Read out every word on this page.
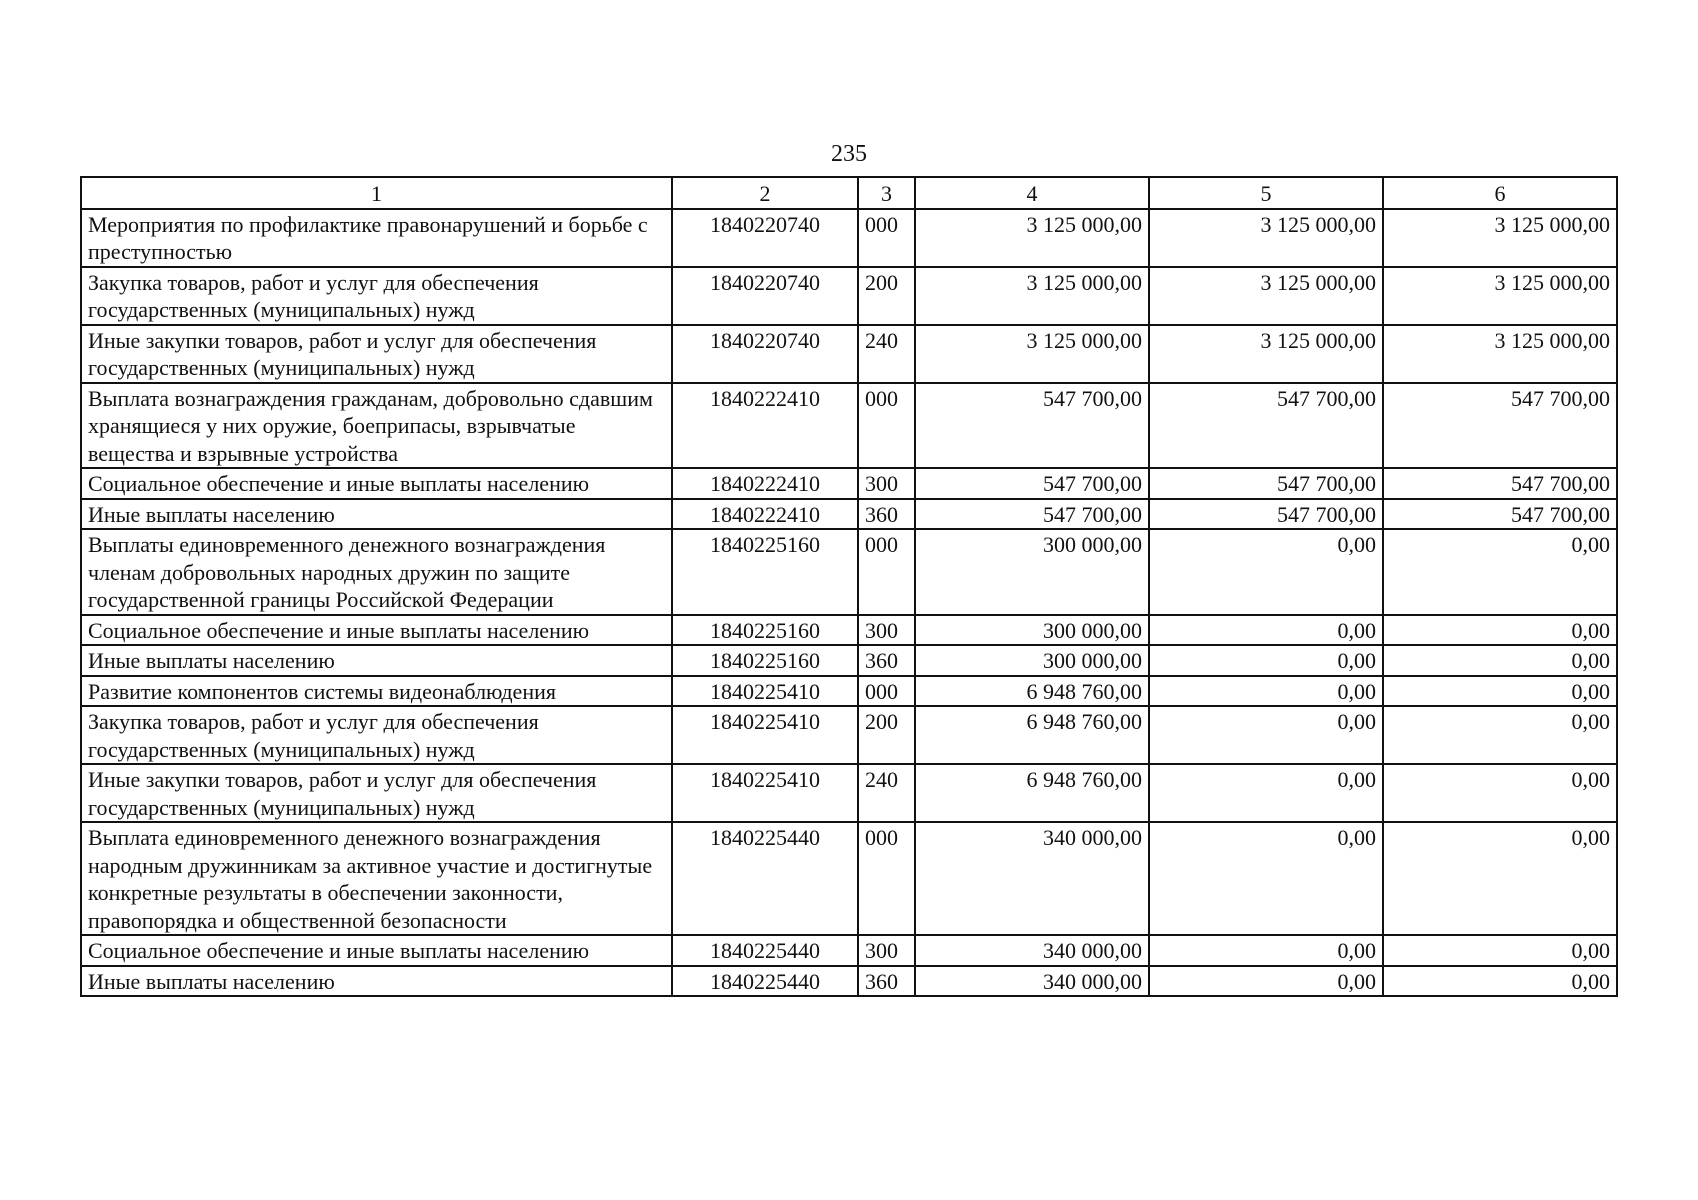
235
1	2	3	4	5	6
Мероприятия по профилактике правонарушений и борьбе с преступностью	1840220740	000	3 125 000,00	3 125 000,00	3 125 000,00
Закупка товаров, работ и услуг для обеспечения государственных (муниципальных) нужд	1840220740	200	3 125 000,00	3 125 000,00	3 125 000,00
Иные закупки товаров, работ и услуг для обеспечения государственных (муниципальных) нужд	1840220740	240	3 125 000,00	3 125 000,00	3 125 000,00
Выплата вознаграждения гражданам, добровольно сдавшим хранящиеся у них оружие, боеприпасы, взрывчатые вещества и взрывные устройства	1840222410	000	547 700,00	547 700,00	547 700,00
Социальное обеспечение и иные выплаты населению	1840222410	300	547 700,00	547 700,00	547 700,00
Иные выплаты населению	1840222410	360	547 700,00	547 700,00	547 700,00
Выплаты единовременного денежного вознаграждения членам добровольных народных дружин по защите государственной границы Российской Федерации	1840225160	000	300 000,00	0,00	0,00
Социальное обеспечение и иные выплаты населению	1840225160	300	300 000,00	0,00	0,00
Иные выплаты населению	1840225160	360	300 000,00	0,00	0,00
Развитие компонентов системы видеонаблюдения	1840225410	000	6 948 760,00	0,00	0,00
Закупка товаров, работ и услуг для обеспечения государственных (муниципальных) нужд	1840225410	200	6 948 760,00	0,00	0,00
Иные закупки товаров, работ и услуг для обеспечения государственных (муниципальных) нужд	1840225410	240	6 948 760,00	0,00	0,00
Выплата единовременного денежного вознаграждения народным дружинникам за активное участие и достигнутые конкретные результаты в обеспечении законности, правопорядка и общественной безопасности	1840225440	000	340 000,00	0,00	0,00
Социальное обеспечение и иные выплаты населению	1840225440	300	340 000,00	0,00	0,00
Иные выплаты населению	1840225440	360	340 000,00	0,00	0,00
